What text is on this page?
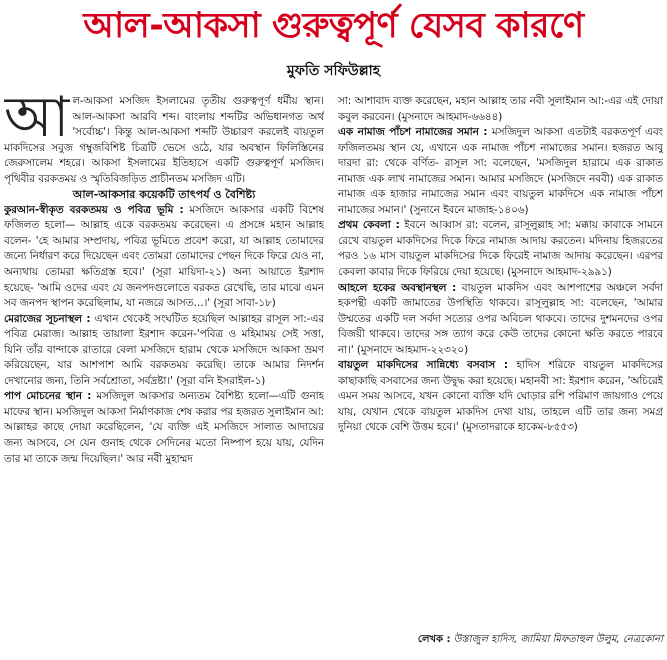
আল-আকসা গুরুত্বপূর্ণ যেসব কারণে
মুফতি সফিউল্লাহ

আল-আকসা মসজিদ ইসলামের তৃতীয় গুরুত্বপূর্ণ ধর্মীয় স্থান। আল-আকসা আরবি শব্দ। বাংলায় শব্দটির অভিধানগত অর্থ 'সর্বোচ্চ'। কিন্তু আল-আকসা শব্দটি উচ্চারণ করলেই বায়তুল মাকদিসের সবুজ গম্বুজবিশিষ্ট চিত্রটি ভেসে ওঠে, যার অবস্থান ফিলিস্তিনের জেরুসালেম শহরে। আকসা ইসলামের ইতিহাসে একটি গুরুত্বপূর্ণ মসজিদ। পৃথিবীর বরকতময় ও স্মৃতিবিজড়িত প্রাচীনতম মসজিদ এটি।

আল-আকসার কয়েকটি তাৎপর্য ও বৈশিষ্ট্য

কুরআন-স্বীকৃত বরকতময় ও পবিত্র ভূমি : মসজিদে আকসার একটি বিশেষ ফজিলত হলো— আল্লাহ একে বরকতময় করেছেন। এ প্রসঙ্গে মহান আল্লাহ বলেন- 'হে আমার সম্প্রদায়, পবিত্র ভূমিতে প্রবেশ করো, যা আল্লাহ তোমাদের জন্যে নির্ধারণ করে দিয়েছেন এবং তোমরা তোমাদের পেছন দিকে ফিরে যেও না, অন্যথায় তোমরা ক্ষতিগ্রস্ত হবে।' (সূরা মায়িদা-২১) অন্য আয়াতে ইরশাদ হয়েছে- 'আমি ওদের এবং যে জনপদগুলোতে বরকত রেখেছি, তার মাঝে এমন সব জনপদ স্থাপন করেছিলাম, যা নজরে আসত…।' (সূরা সাবা-১৮)

মেরাজের সূচনাস্থল : এখান থেকেই সংঘটিত হয়েছিল আল্লাহর রাসূল সা:-এর পবিত্র মেরাজ। আল্লাহ তায়ালা ইরশাদ করেন-'পবিত্র ও মহিমাময় সেই সত্তা, যিনি তাঁর বান্দাকে রাতারে বেলা মসজিদে হারাম থেকে মসজিদে আকসা ভ্রমণ করিয়েছেন, যার আশপাশ আমি বরকতময় করেছি। তাকে আমার নিদর্শন দেখানোর জন্য, তিনি সর্বশ্রোতা, সর্বদ্রষ্টা।' (সূরা বনি ইসরাইল-১)

পাপ মোচনের স্থান : মসজিদুল আকসার অন্যতম বৈশিষ্ট্য হলো—এটি গুনাহ মাফের স্থান। মসজিদুল আকসা নির্মাণকাজ শেষ করার পর হজরত সুলাইমান আ: আল্লাহর কাছে দোয়া করেছিলেন, 'যে ব্যক্তি এই মসজিদে সালাত আদায়ের জন্য আসবে, সে যেন গুনাহ থেকে সেদিনের মতো নিষ্পাপ হয়ে যায়, যেদিন তার মা তাকে জন্ম দিয়েছিল।' আর নবী মুহাম্মদ

সা: আশাবাদ ব্যক্ত করেছেন, মহান আল্লাহ তার নবী সুলাইমান আ:-এর এই দোয়া কবুল করবেন। (মুসনাদে আহমাদ-৬৬৪৪)

এক নামাজ পাঁচশ নামাজের সমান : মসজিদুল আকসা এতটাই বরকতপূর্ণ এবং ফজিলতময় স্থান যে, এখানে এক নামাজ পাঁচশ নামাজের সমান। হজরত আবু দারদা রা: থেকে বর্ণিত- রাসূল সা: বলেছেন, 'মসজিদুল হারামে এক রাকাত নামাজ এক লাখ নামাজের সমান। আমার মসজিদে (মসজিদে নববী) এক রাকাত নামাজ এক হাজার নামাজের সমান এবং বায়তুল মাকদিসে এক নামাজ পাঁচশ নামাজের সমান।' (সুনানে ইবনে মাজাহ-১৪০৬)

প্রথম কেবলা : ইবনে আব্বাস রা: বলেন, রাসূলুল্লাহ সা: মক্কায় কাবাকে সামনে রেখে বায়তুল মাকদিসের দিকে ফিরে নামাজ আদায় করতেন। মদিনায় হিজরতের পরও ১৬ মাস বায়তুল মাকদিসের দিকে ফিরেই নামাজ আদায় করেছেন। এরপর কেবলা কাবার দিকে ফিরিয়ে দেয়া হয়েছে। (মুসনাদে আহমাদ-২৯৯১)

আহলে হকের অবস্থানস্থল : বায়তুল মাকদিস এবং আশপাশের অঞ্চলে সর্বদা হকপন্থী একটি জামাতের উপস্থিতি থাকবে। রাসূলুল্লাহ সা: বলেছেন, 'আমার উম্মতের একটি দল সর্বদা সত্যের ওপর অবিচল থাকবে। তাদের দুশমনদের ওপর বিজয়ী থাকবে। তাদের সঙ্গ ত্যাগ করে কেউ তাদের কোনো ক্ষতি করতে পারবে না।' (মুসনাদে আহমাদ-২২৩২০)

বায়তুল মাকদিসের সান্নিধ্যে বসবাস : হাদিস শরিফে বায়তুল মাকদিসের কাছাকাছি বসবাসের জন্য উদ্বুদ্ধ করা হয়েছে। মহানবী সা: ইরশাদ করেন, 'অচিরেই এমন সময় আসবে, যখন কোনো ব্যক্তি যদি ঘোড়ার রশি পরিমাণ জায়গাও পেয়ে যায়, যেখান থেকে বায়তুল মাকদিস দেখা যায়, তাহলে এটি তার জন্য সমগ্র দুনিয়া থেকে বেশি উত্তম হবে।' (মুসতাদরাকে হাকেম-৮৫৫৩)

লেখক : উস্তাজুল হাদিস, জামিয়া মিফতাহুল উলুম, নেত্রকোনা
